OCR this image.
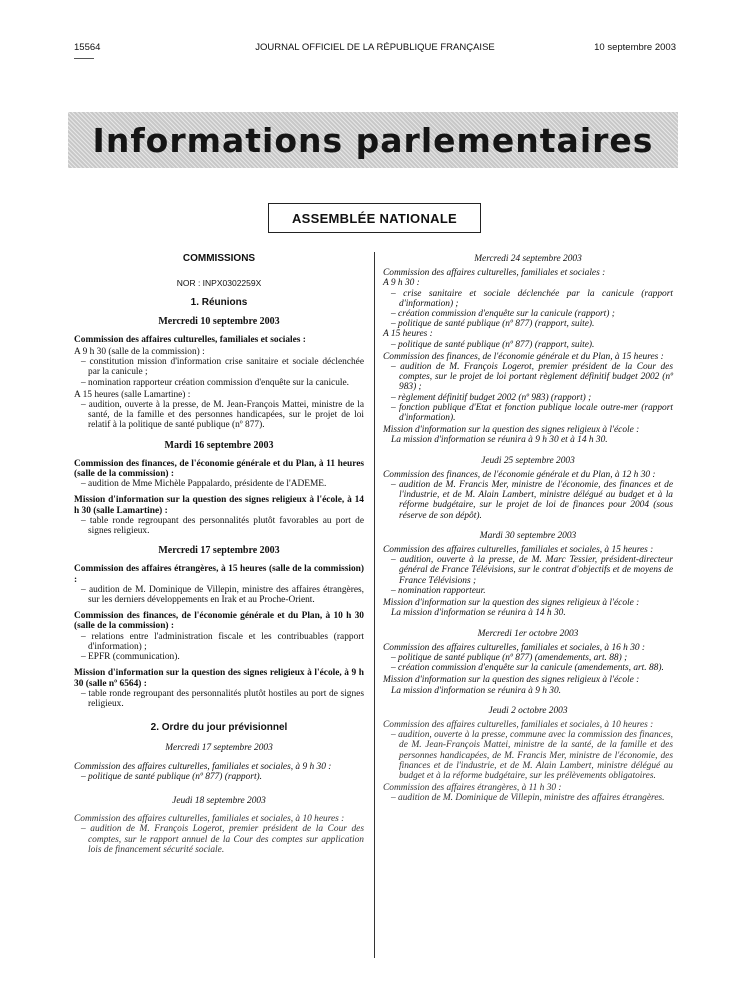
15564	JOURNAL OFFICIEL DE LA RÉPUBLIQUE FRANÇAISE	10 septembre 2003
Informations parlementaires
ASSEMBLÉE NATIONALE

COMMISSIONS

NOR : INPX0302259X

1. Réunions

Mercredi 10 septembre 2003

Commission des affaires culturelles, familiales et sociales :

A 9 h 30 (salle de la commission) :

– constitution mission d'information crise sanitaire et sociale déclenchée par la canicule ;

– nomination rapporteur création commission d'enquête sur la canicule.

A 15 heures (salle Lamartine) :

– audition, ouverte à la presse, de M. Jean-François Mattei, ministre de la santé, de la famille et des personnes handicapées, sur le projet de loi relatif à la politique de santé publique (nº 877).

Mardi 16 septembre 2003

Commission des finances, de l'économie générale et du Plan, à 11 heures (salle de la commission) :

– audition de Mme Michèle Pappalardo, présidente de l'ADEME.

Mission d'information sur la question des signes religieux à l'école, à 14 h 30 (salle Lamartine) :

– table ronde regroupant des personnalités plutôt favorables au port de signes religieux.

Mercredi 17 septembre 2003

Commission des affaires étrangères, à 15 heures (salle de la commission) :

– audition de M. Dominique de Villepin, ministre des affaires étrangères, sur les derniers développements en Irak et au Proche-Orient.

Commission des finances, de l'économie générale et du Plan, à 10 h 30 (salle de la commission) :

– relations entre l'administration fiscale et les contribuables (rapport d'information) ;

– EPFR (communication).

Mission d'information sur la question des signes religieux à l'école, à 9 h 30 (salle nº 6564) :

– table ronde regroupant des personnalités plutôt hostiles au port de signes religieux.

2. Ordre du jour prévisionnel

Mercredi 17 septembre 2003

Commission des affaires culturelles, familiales et sociales, à 9 h 30 :

– politique de santé publique (nº 877) (rapport).

Jeudi 18 septembre 2003

Commission des affaires culturelles, familiales et sociales, à 10 heures :

– audition de M. François Logerot, premier président de la Cour des comptes, sur le rapport annuel de la Cour des comptes sur application lois de financement sécurité sociale.

Mercredi 24 septembre 2003

Commission des affaires culturelles, familiales et sociales :

A 9 h 30 :

– crise sanitaire et sociale déclenchée par la canicule (rapport d'information) ;

– création commission d'enquête sur la canicule (rapport) ;

– politique de santé publique (nº 877) (rapport, suite).

A 15 heures :

– politique de santé publique (nº 877) (rapport, suite).

Commission des finances, de l'économie générale et du Plan, à 15 heures :

– audition de M. François Logerot, premier président de la Cour des comptes, sur le projet de loi portant règlement définitif budget 2002 (nº 983) ;

– règlement définitif budget 2002 (nº 983) (rapport) ;

– fonction publique d'Etat et fonction publique locale outre-mer (rapport d'information).

Mission d'information sur la question des signes religieux à l'école :

La mission d'information se réunira à 9 h 30 et à 14 h 30.

Jeudi 25 septembre 2003

Commission des finances, de l'économie générale et du Plan, à 12 h 30 :

– audition de M. Francis Mer, ministre de l'économie, des finances et de l'industrie, et de M. Alain Lambert, ministre délégué au budget et à la réforme budgétaire, sur le projet de loi de finances pour 2004 (sous réserve de son dépôt).

Mardi 30 septembre 2003

Commission des affaires culturelles, familiales et sociales, à 15 heures :

– audition, ouverte à la presse, de M. Marc Tessier, président-directeur général de France Télévisions, sur le contrat d'objectifs et de moyens de France Télévisions ;

– nomination rapporteur.

Mission d'information sur la question des signes religieux à l'école :

La mission d'information se réunira à 14 h 30.

Mercredi 1er octobre 2003

Commission des affaires culturelles, familiales et sociales, à 16 h 30 :

– politique de santé publique (nº 877) (amendements, art. 88) ;

– création commission d'enquête sur la canicule (amendements, art. 88).

Mission d'information sur la question des signes religieux à l'école :

La mission d'information se réunira à 9 h 30.

Jeudi 2 octobre 2003

Commission des affaires culturelles, familiales et sociales, à 10 heures :

– audition, ouverte à la presse, commune avec la commission des finances, de M. Jean-François Mattei, ministre de la santé, de la famille et des personnes handicapées, de M. Francis Mer, ministre de l'économie, des finances et de l'industrie, et de M. Alain Lambert, ministre délégué au budget et à la réforme budgétaire, sur les prélèvements obligatoires.

Commission des affaires étrangères, à 11 h 30 :

– audition de M. Dominique de Villepin, ministre des affaires étrangères.
